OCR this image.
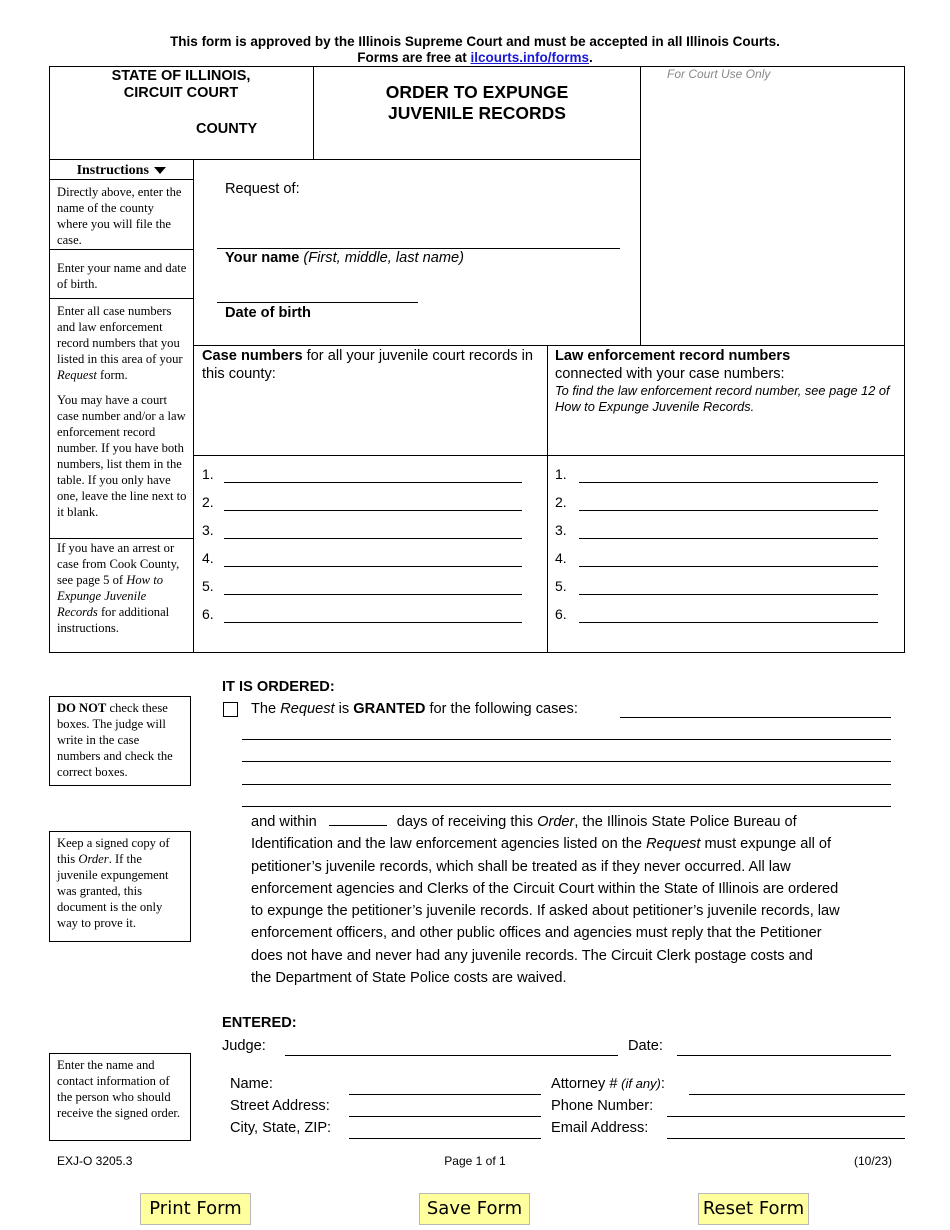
This form is approved by the Illinois Supreme Court and must be accepted in all Illinois Courts.
Forms are free at ilcourts.info/forms.
STATE OF ILLINOIS,
CIRCUIT COURT
COUNTY
ORDER TO EXPUNGE
JUVENILE RECORDS
For Court Use Only
Instructions
Directly above, enter the name of the county where you will file the case.
Enter your name and date of birth.
Enter all case numbers and law enforcement record numbers that you listed in this area of your Request form.
You may have a court case number and/or a law enforcement record number. If you have both numbers, list them in the table. If you only have one, leave the line next to it blank.
If you have an arrest or case from Cook County, see page 5 of How to Expunge Juvenile Records for additional instructions.
Request of:
Your name (First, middle, last name)
Date of birth
Case numbers for all your juvenile court records in this county:
Law enforcement record numbers
connected with your case numbers:
To find the law enforcement record number, see page 12 of How to Expunge Juvenile Records.
1.
2.
3.
4.
5.
6.
1.
2.
3.
4.
5.
6.
DO NOT check these boxes. The judge will write in the case numbers and check the correct boxes.
Keep a signed copy of this Order. If the juvenile expungement was granted, this document is the only way to prove it.
Enter the name and contact information of the person who should receive the signed order.
IT IS ORDERED:
The Request is GRANTED for the following cases:
and within	days of receiving this Order, the Illinois State Police Bureau of
Identification and the law enforcement agencies listed on the Request must expunge all of
petitioner’s juvenile records, which shall be treated as if they never occurred. All law
enforcement agencies and Clerks of the Circuit Court within the State of Illinois are ordered
to expunge the petitioner’s juvenile records. If asked about petitioner’s juvenile records, law
enforcement officers, and other public offices and agencies must reply that the Petitioner
does not have and never had any juvenile records. The Circuit Clerk postage costs and
the Department of State Police costs are waived.
ENTERED:
Judge:	Date:
Name:
Street Address:
City, State, ZIP:
Attorney # (if any):
Phone Number:
Email Address:
EXJ-O 3205.3	Page 1 of 1	(10/23)
Print Form	Save Form	Reset Form
